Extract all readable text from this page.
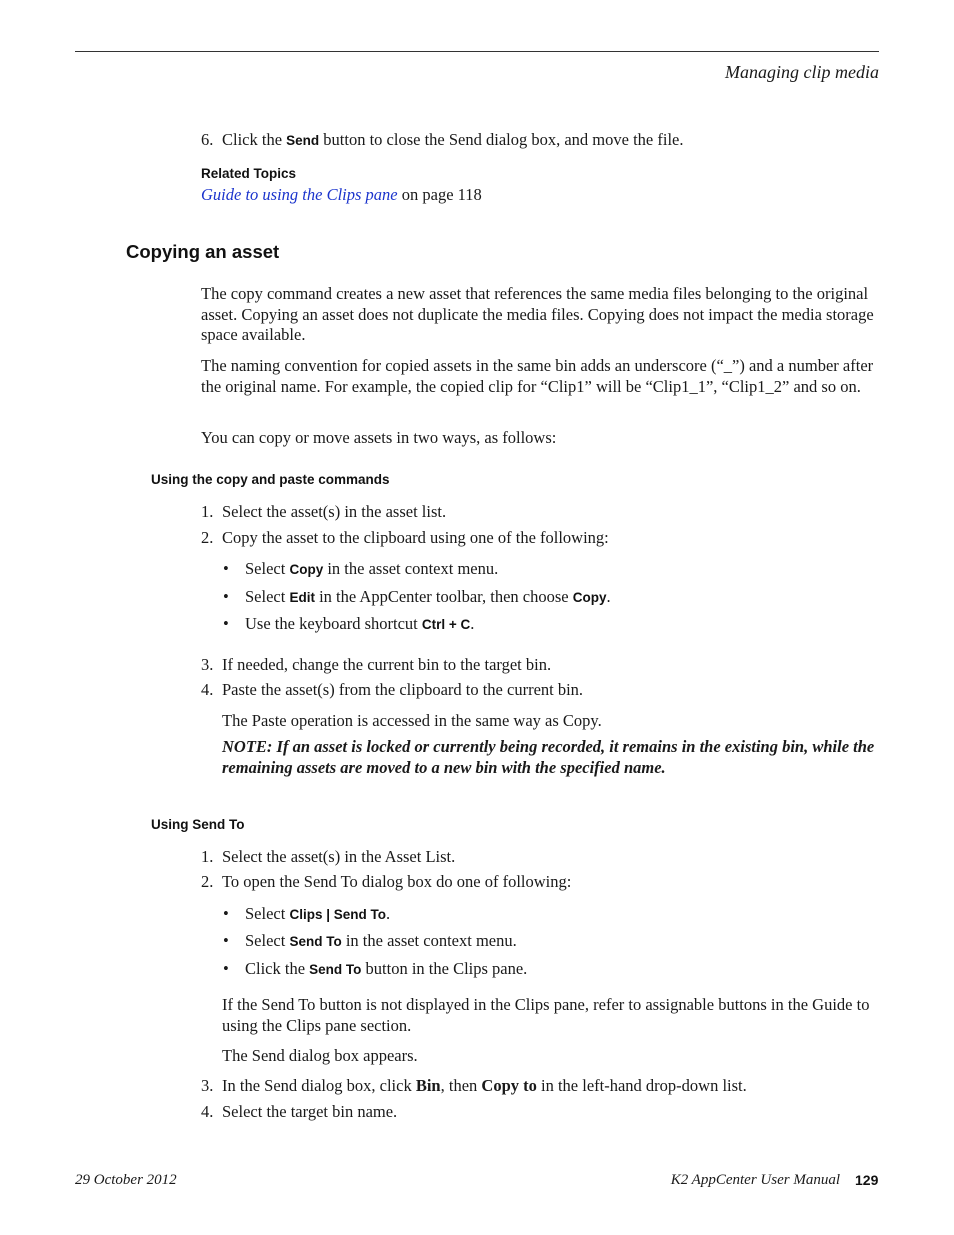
Managing clip media
6. Click the Send button to close the Send dialog box, and move the file.
Related Topics
Guide to using the Clips pane on page 118
Copying an asset
The copy command creates a new asset that references the same media files belonging to the original asset. Copying an asset does not duplicate the media files. Copying does not impact the media storage space available.
The naming convention for copied assets in the same bin adds an underscore (“_”) and a number after the original name. For example, the copied clip for “Clip1” will be “Clip1_1”, “Clip1_2” and so on.
You can copy or move assets in two ways, as follows:
Using the copy and paste commands
1. Select the asset(s) in the asset list.
2. Copy the asset to the clipboard using one of the following:
• Select Copy in the asset context menu.
• Select Edit in the AppCenter toolbar, then choose Copy.
• Use the keyboard shortcut Ctrl + C.
3. If needed, change the current bin to the target bin.
4. Paste the asset(s) from the clipboard to the current bin.
The Paste operation is accessed in the same way as Copy.
NOTE: If an asset is locked or currently being recorded, it remains in the existing bin, while the remaining assets are moved to a new bin with the specified name.
Using Send To
1. Select the asset(s) in the Asset List.
2. To open the Send To dialog box do one of following:
• Select Clips | Send To.
• Select Send To in the asset context menu.
• Click the Send To button in the Clips pane.
If the Send To button is not displayed in the Clips pane, refer to assignable buttons in the Guide to using the Clips pane section.
The Send dialog box appears.
3. In the Send dialog box, click Bin, then Copy to in the left-hand drop-down list.
4. Select the target bin name.
29 October 2012	K2 AppCenter User Manual 129
